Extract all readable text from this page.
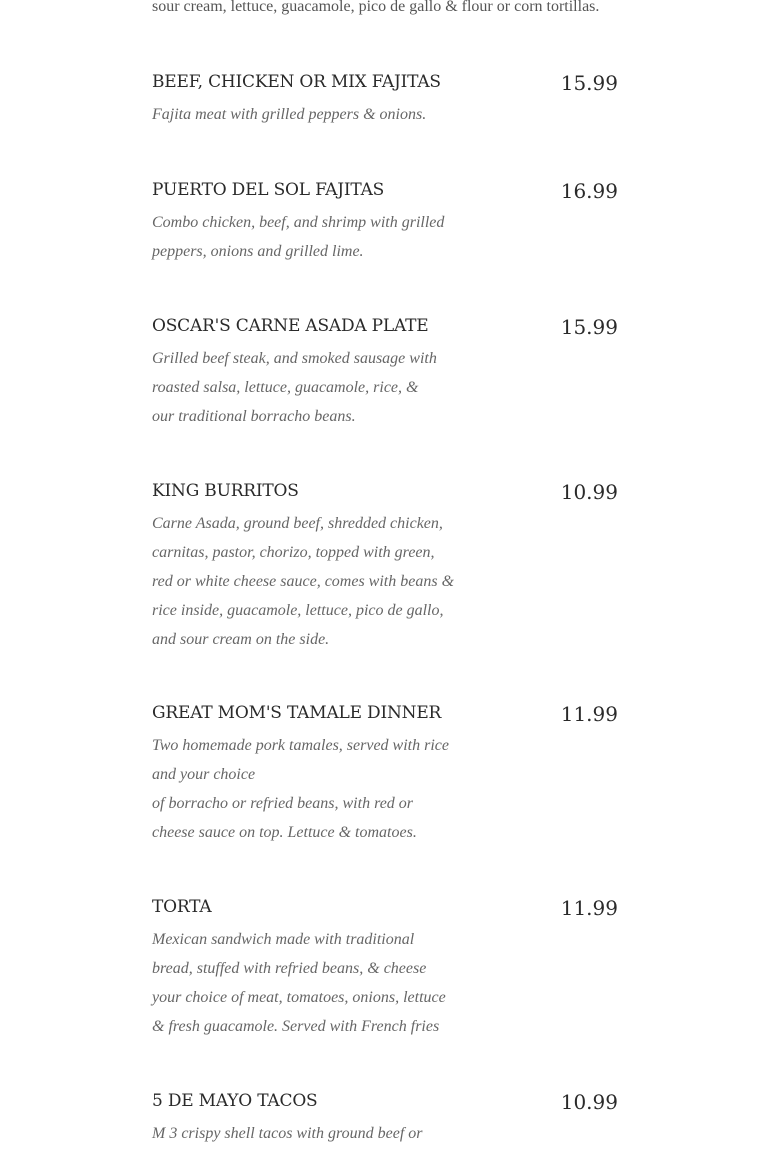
sour cream, lettuce, guacamole, pico de gallo & flour or corn tortillas.
BEEF, CHICKEN OR MIX FAJITAS	15.99
Fajita meat with grilled peppers & onions.
PUERTO DEL SOL FAJITAS	16.99
Combo chicken, beef, and shrimp with grilled
peppers, onions and grilled lime.
OSCAR'S CARNE ASADA PLATE	15.99
Grilled beef steak, and smoked sausage with
roasted salsa, lettuce, guacamole, rice, &
our traditional borracho beans.
KING BURRITOS	10.99
Carne Asada, ground beef, shredded chicken,
carnitas, pastor, chorizo, topped with green,
red or white cheese sauce, comes with beans &
rice inside, guacamole, lettuce, pico de gallo,
and sour cream on the side.
GREAT MOM'S TAMALE DINNER	11.99
Two homemade pork tamales, served with rice
and your choice
of borracho or refried beans, with red or
cheese sauce on top. Lettuce & tomatoes.
TORTA	11.99
Mexican sandwich made with traditional
bread, stuffed with refried beans, & cheese
your choice of meat, tomatoes, onions, lettuce
& fresh guacamole. Served with French fries
5 DE MAYO TACOS	10.99
M 3 crispy shell tacos with ground beef or
